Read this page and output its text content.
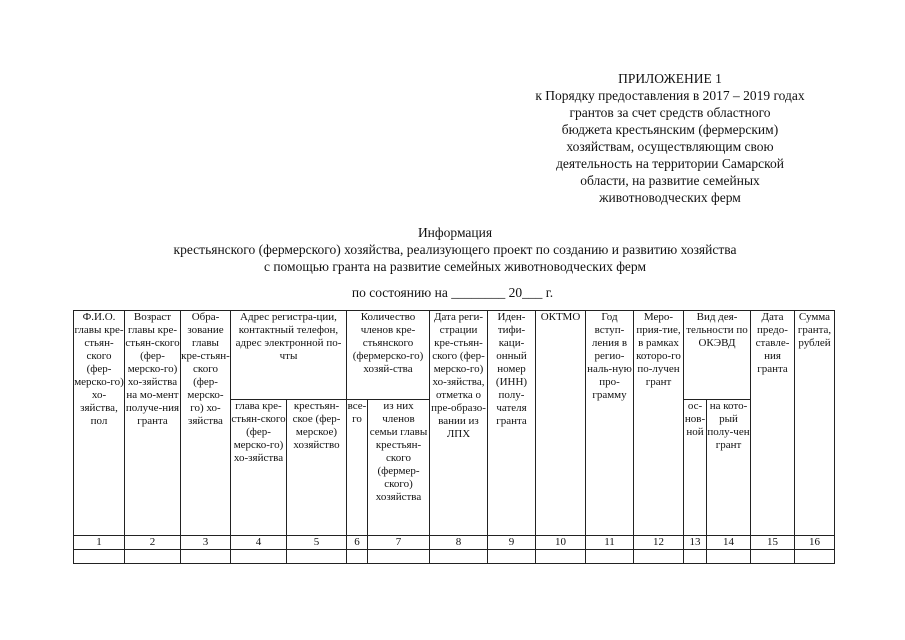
ПРИЛОЖЕНИЕ 1
к Порядку предоставления в 2017 – 2019 годах
грантов за счет средств областного
бюджета крестьянским (фермерским)
хозяйствам, осуществляющим свою
деятельность на территории Самарской
области, на развитие семейных
животноводческих ферм
Информация
крестьянского (фермерского) хозяйства, реализующего проект по созданию и развитию хозяйства
с помощью гранта на развитие семейных животноводческих ферм
по состоянию на ________ 20___ г.
Ф.И.О. главы кре-стьян-ского (фер-мерско-го) хо-зяйства, пол	Возраст главы кре-стьян-ского (фер-мерско-го) хо-зяйства на мо-мент получе-ния гранта	Обра-зование главы кре-стьян-ского (фер-мерско-го) хо-зяйства	Адрес регистра-ции, контактный телефон, адрес электронной по-чты		Количество членов кре-стьянского (фермерско-го) хозяй-ства		Дата реги-страции кре-стьян-ского (фер-мерско-го) хо-зяйства, отметка о пре-образо-вании из ЛПХ	Иден-тифи-каци-онный номер (ИНН) полу-чателя гранта	ОКТМО	Год вступ-ления в регио-наль-ную про-грамму	Меро-прия-тие, в рамках которо-го по-лучен грант	Вид дея-тельности по ОКЭВД		Дата предо-ставле-ния гранта	Сумма гранта, рублей
			глава кре-стьян-ского (фер-мерско-го) хо-зяйства	крестьян-ское (фер-мерское) хозяйство	все-го	из них членов семьи главы крестьян-ского (фермер-ского) хозяйства						ос-нов-ной	на кото-рый полу-чен грант		
1	2	3	4	5	6	7	8	9	10	11	12	13	14	15	16
